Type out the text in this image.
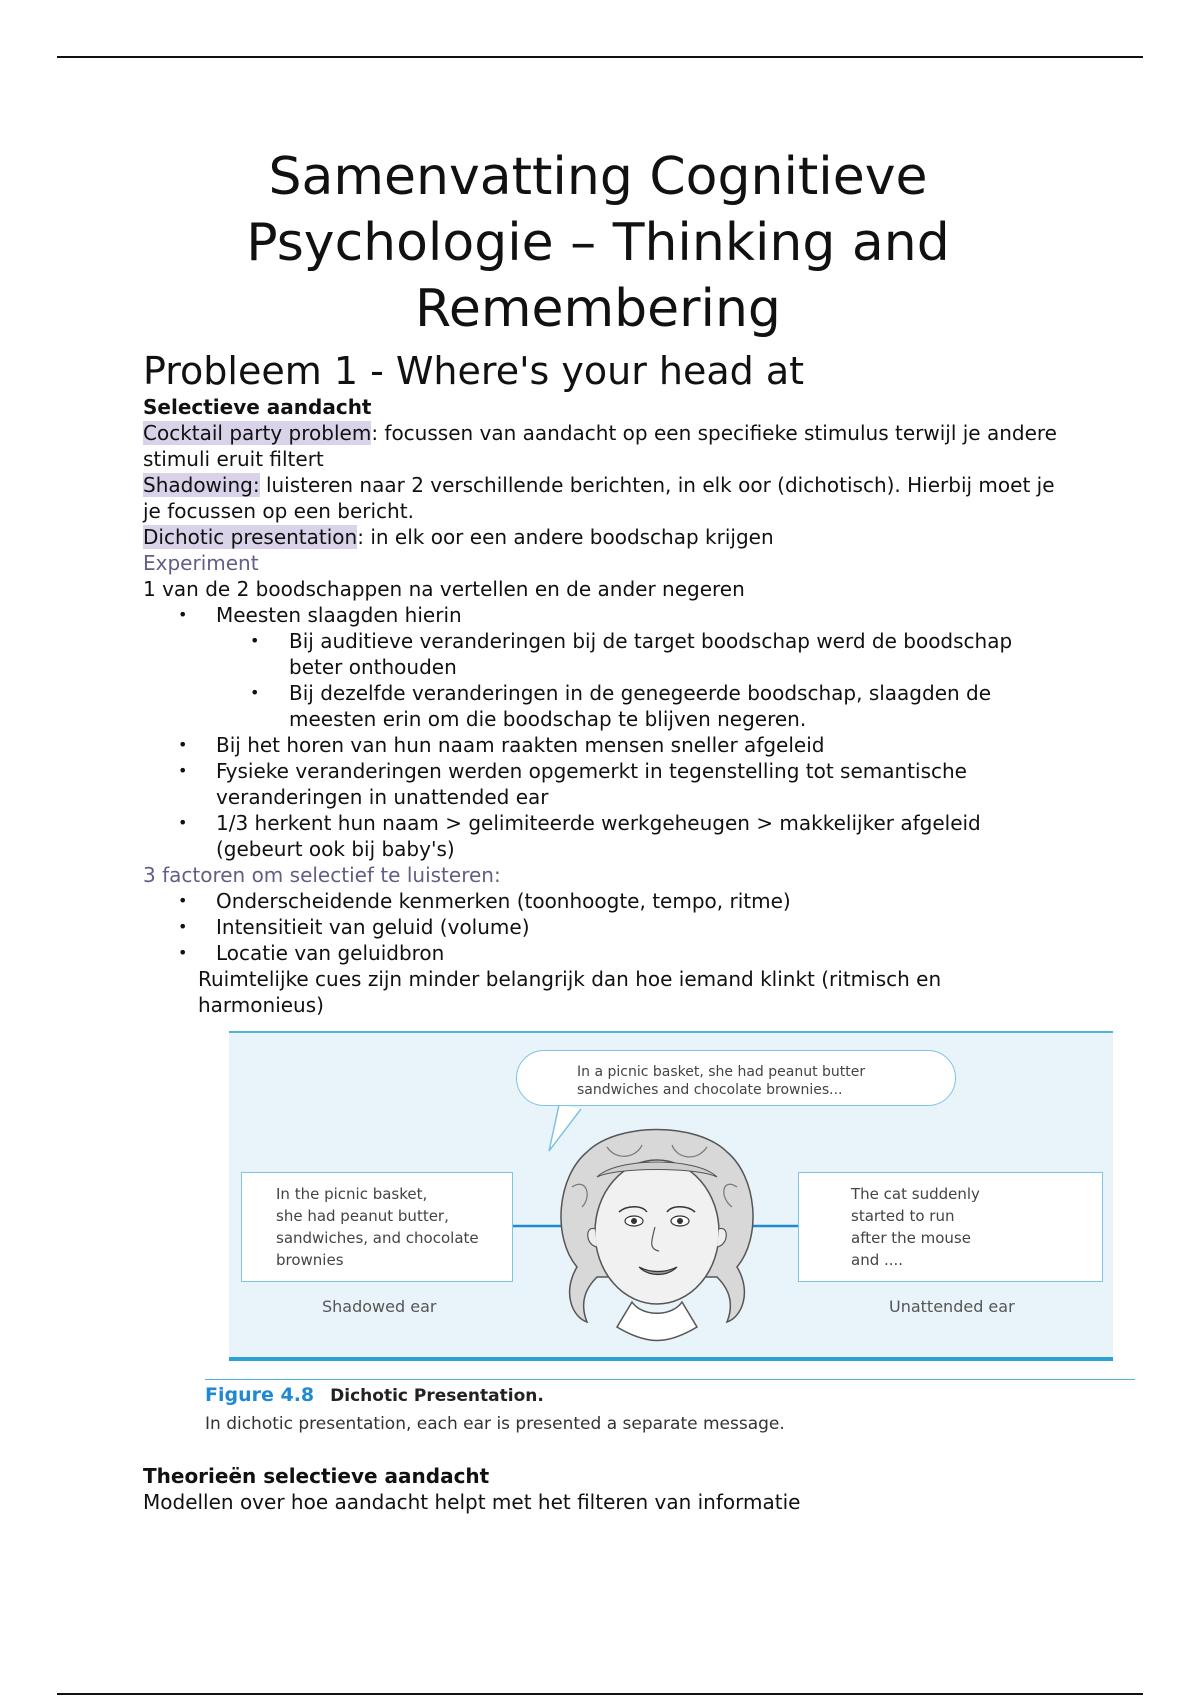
Samenvatting Cognitieve Psychologie – Thinking and Remembering
Probleem 1 - Where's your head at

Selectieve aandacht

Cocktail party problem: focussen van aandacht op een specifieke stimulus terwijl je andere stimuli eruit filtert

Shadowing: luisteren naar 2 verschillende berichten, in elk oor (dichotisch). Hierbij moet je je focussen op een bericht.

Dichotic presentation: in elk oor een andere boodschap krijgen

Experiment

1 van de 2 boodschappen na vertellen en de ander negeren

• Meesten slaagden hierin
• Bij auditieve veranderingen bij de target boodschap werd de boodschap beter onthouden
• Bij dezelfde veranderingen in de genegeerde boodschap, slaagden de meesten erin om die boodschap te blijven negeren.
• Bij het horen van hun naam raakten mensen sneller afgeleid
• Fysieke veranderingen werden opgemerkt in tegenstelling tot semantische veranderingen in unattended ear
• 1/3 herkent hun naam > gelimiteerde werkgeheugen > makkelijker afgeleid (gebeurt ook bij baby's)

3 factoren om selectief te luisteren:

• Onderscheidende kenmerken (toonhoogte, tempo, ritme)
• Intensitieit van geluid (volume)
• Locatie van geluidbron

Ruimtelijke cues zijn minder belangrijk dan hoe iemand klinkt (ritmisch en harmonieus)

In a picnic basket, she had peanut butter
sandwiches and chocolate brownies...
In the picnic basket,
she had peanut butter,
sandwiches, and chocolate
brownies
The cat suddenly
started to run
after the mouse
and ....
Shadowed ear	Unattended ear
Figure 4.8 Dichotic Presentation.
In dichotic presentation, each ear is presented a separate message.

Theorieën selectieve aandacht

Modellen over hoe aandacht helpt met het filteren van informatie
